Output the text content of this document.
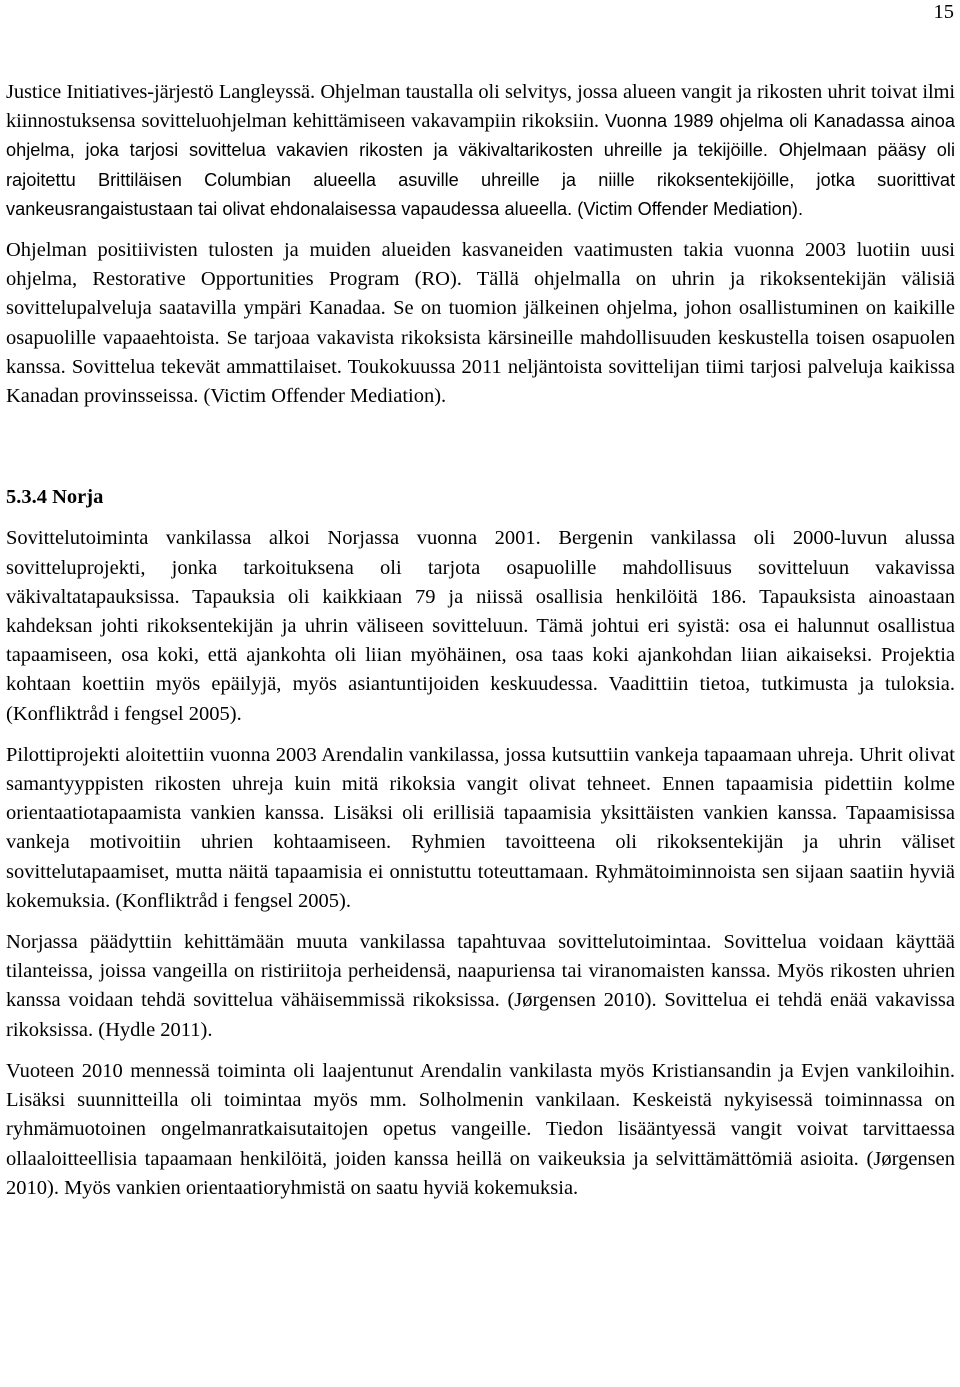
15

Justice Initiatives-järjestö Langleyssä. Ohjelman taustalla oli selvitys, jossa alueen vangit ja rikosten uhrit toivat ilmi kiinnostuksensa sovitteluohjelman kehittämiseen vakavampiin rikoksiin. Vuonna 1989 ohjelma oli Kanadassa ainoa ohjelma, joka tarjosi sovittelua vakavien rikosten ja väkivaltarikosten uhreille ja tekijöille. Ohjelmaan pääsy oli rajoitettu Brittiläisen Columbian alueella asuville uhreille ja niille rikoksentekijöille, jotka suorittivat vankeusrangaistustaan tai olivat ehdonalaisessa vapaudessa alueella. (Victim Offender Mediation).

Ohjelman positiivisten tulosten ja muiden alueiden kasvaneiden vaatimusten takia vuonna 2003 luotiin uusi ohjelma, Restorative Opportunities Program (RO). Tällä ohjelmalla on uhrin ja rikoksentekijän välisiä sovittelupalveluja saatavilla ympäri Kanadaa. Se on tuomion jälkeinen ohjelma, johon osallistuminen on kaikille osapuolille vapaaehtoista. Se tarjoaa vakavista rikoksista kärsineille mahdollisuuden keskustella toisen osapuolen kanssa. Sovittelua tekevät ammattilaiset. Toukokuussa 2011 neljäntoista sovittelijan tiimi tarjosi palveluja kaikissa Kanadan provinsseissa. (Victim Offender Mediation).

5.3.4 Norja

Sovittelutoiminta vankilassa alkoi Norjassa vuonna 2001. Bergenin vankilassa oli 2000-luvun alussa sovitteluprojekti, jonka tarkoituksena oli tarjota osapuolille mahdollisuus sovitteluun vakavissa väkivaltatapauksissa. Tapauksia oli kaikkiaan 79 ja niissä osallisia henkilöitä 186. Tapauksista ainoastaan kahdeksan johti rikoksentekijän ja uhrin väliseen sovitteluun. Tämä johtui eri syistä: osa ei halunnut osallistua tapaamiseen, osa koki, että ajankohta oli liian myöhäinen, osa taas koki ajankohdan liian aikaiseksi. Projektia kohtaan koettiin myös epäilyjä, myös asiantuntijoiden keskuudessa. Vaadittiin tietoa, tutkimusta ja tuloksia. (Konfliktråd i fengsel 2005).

Pilottiprojekti aloitettiin vuonna 2003 Arendalin vankilassa, jossa kutsuttiin vankeja tapaamaan uhreja. Uhrit olivat samantyyppisten rikosten uhreja kuin mitä rikoksia vangit olivat tehneet. Ennen tapaamisia pidettiin kolme orientaatiotapaamista vankien kanssa. Lisäksi oli erillisiä tapaamisia yksittäisten vankien kanssa. Tapaamisissa vankeja motivoitiin uhrien kohtaamiseen. Ryhmien tavoitteena oli rikoksentekijän ja uhrin väliset sovittelutapaamiset, mutta näitä tapaamisia ei onnistuttu toteuttamaan. Ryhmätoiminnoista sen sijaan saatiin hyviä kokemuksia. (Konfliktråd i fengsel 2005).

Norjassa päädyttiin kehittämään muuta vankilassa tapahtuvaa sovittelutoimintaa. Sovittelua voidaan käyttää tilanteissa, joissa vangeilla on ristiriitoja perheidensä, naapuriensa tai viranomaisten kanssa. Myös rikosten uhrien kanssa voidaan tehdä sovittelua vähäisemmissä rikoksissa. (Jørgensen 2010). Sovittelua ei tehdä enää vakavissa rikoksissa. (Hydle 2011).

Vuoteen 2010 mennessä toiminta oli laajentunut Arendalin vankilasta myös Kristiansandin ja Evjen vankiloihin. Lisäksi suunnitteilla oli toimintaa myös mm. Solholmenin vankilaan. Keskeistä nykyisessä toiminnassa on ryhmämuotoinen ongelmanratkaisutaitojen opetus vangeille. Tiedon lisääntyessä vangit voivat tarvittaessa ollaaloitteellisia tapaamaan henkilöitä, joiden kanssa heillä on vaikeuksia ja selvittämättömiä asioita. (Jørgensen 2010). Myös vankien orientaatioryhmistä on saatu hyviä kokemuksia.
